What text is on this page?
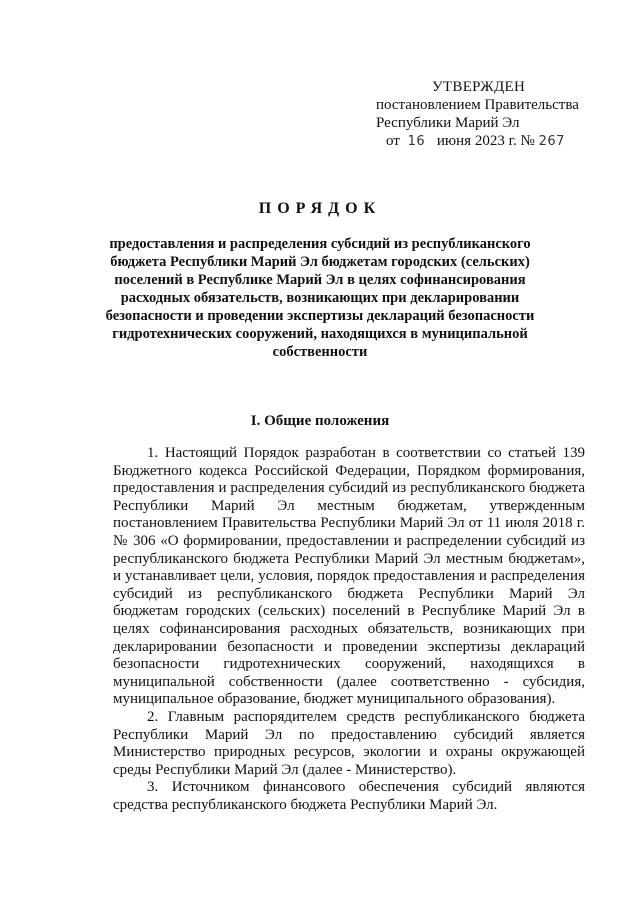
УТВЕРЖДЕН
постановлением Правительства
Республики Марий Эл
от 16 июня 2023 г. № 267
ПОРЯДОК
предоставления и распределения субсидий из республиканского бюджета Республики Марий Эл бюджетам городских (сельских) поселений в Республике Марий Эл в целях софинансирования расходных обязательств, возникающих при декларировании безопасности и проведении экспертизы деклараций безопасности гидротехнических сооружений, находящихся в муниципальной собственности
I. Общие положения

1. Настоящий Порядок разработан в соответствии со статьей 139 Бюджетного кодекса Российской Федерации, Порядком формирования, предоставления и распределения субсидий из республиканского бюджета Республики Марий Эл местным бюджетам, утвержденным постановлением Правительства Республики Марий Эл от 11 июля 2018 г. № 306 «О формировании, предоставлении и распределении субсидий из республиканского бюджета Республики Марий Эл местным бюджетам», и устанавливает цели, условия, порядок предоставления и распределения субсидий из республиканского бюджета Республики Марий Эл бюджетам городских (сельских) поселений в Республике Марий Эл в целях софинансирования расходных обязательств, возникающих при декларировании безопасности и проведении экспертизы деклараций безопасности гидротехнических сооружений, находящихся в муниципальной собственности (далее соответственно - субсидия, муниципальное образование, бюджет муниципального образования).

2. Главным распорядителем средств республиканского бюджета Республики Марий Эл по предоставлению субсидий является Министерство природных ресурсов, экологии и охраны окружающей среды Республики Марий Эл (далее - Министерство).

3. Источником финансового обеспечения субсидий являются средства республиканского бюджета Республики Марий Эл.
